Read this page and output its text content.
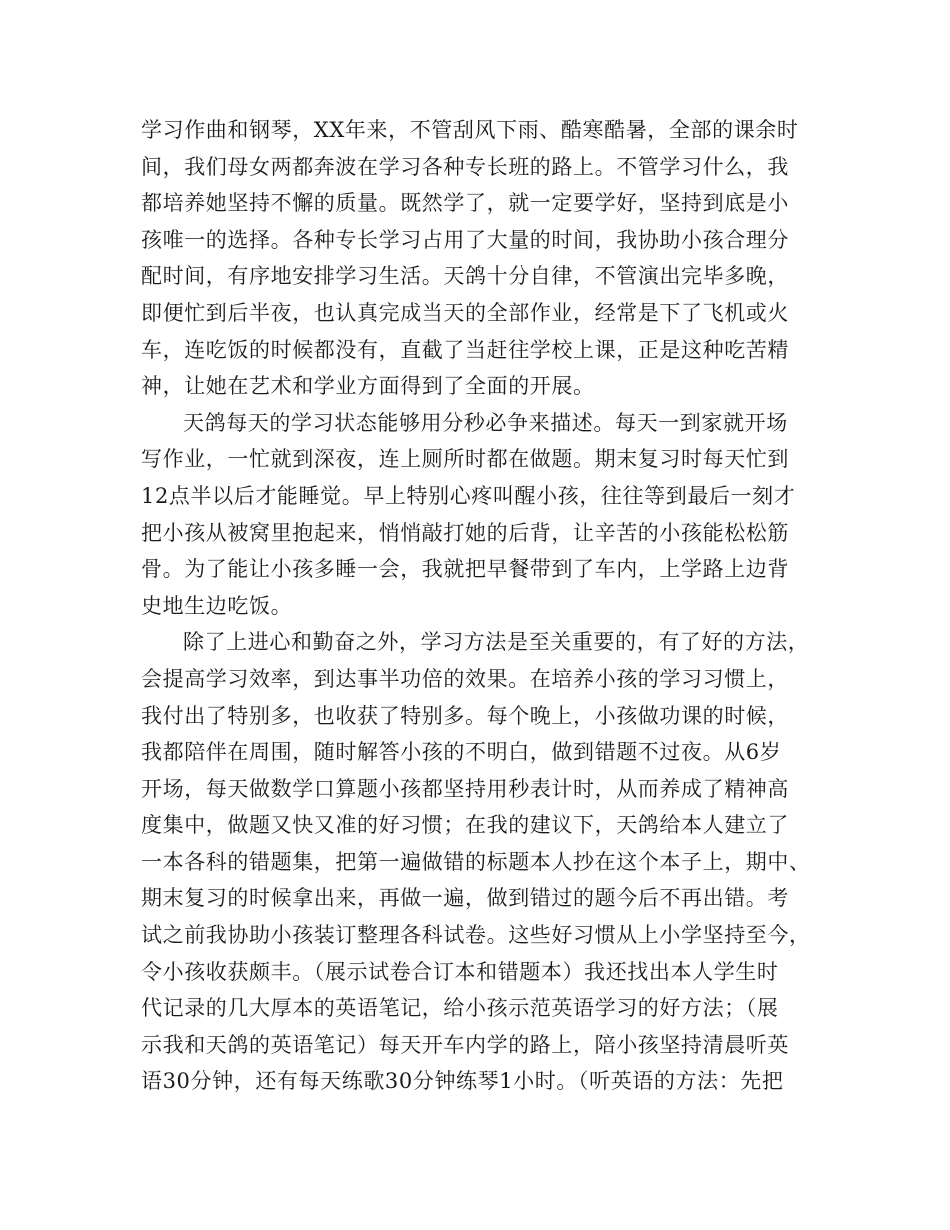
学习作曲和钢琴，XX年来，不管刮风下雨、酷寒酷暑，全部的课余时
间，我们母女两都奔波在学习各种专长班的路上。不管学习什么，我
都培养她坚持不懈的质量。既然学了，就一定要学好，坚持到底是小
孩唯一的选择。各种专长学习占用了大量的时间，我协助小孩合理分
配时间，有序地安排学习生活。天鸽十分自律，不管演出完毕多晚，
即便忙到后半夜，也认真完成当天的全部作业，经常是下了飞机或火
车，连吃饭的时候都没有，直截了当赶往学校上课，正是这种吃苦精
神，让她在艺术和学业方面得到了全面的开展。
天鸽每天的学习状态能够用分秒必争来描述。每天一到家就开场
写作业，一忙就到深夜，连上厕所时都在做题。期末复习时每天忙到
12点半以后才能睡觉。早上特别心疼叫醒小孩，往往等到最后一刻才
把小孩从被窝里抱起来，悄悄敲打她的后背，让辛苦的小孩能松松筋
骨。为了能让小孩多睡一会，我就把早餐带到了车内，上学路上边背
史地生边吃饭。
除了上进心和勤奋之外，学习方法是至关重要的，有了好的方法，
会提高学习效率，到达事半功倍的效果。在培养小孩的学习习惯上，
我付出了特别多，也收获了特别多。每个晚上，小孩做功课的时候，
我都陪伴在周围，随时解答小孩的不明白，做到错题不过夜。从6岁
开场，每天做数学口算题小孩都坚持用秒表计时，从而养成了精神高
度集中，做题又快又准的好习惯；在我的建议下，天鸽给本人建立了
一本各科的错题集，把第一遍做错的标题本人抄在这个本子上，期中、
期末复习的时候拿出来，再做一遍，做到错过的题今后不再出错。考
试之前我协助小孩装订整理各科试卷。这些好习惯从上小学坚持至今，
令小孩收获颇丰。（展示试卷合订本和错题本）我还找出本人学生时
代记录的几大厚本的英语笔记，给小孩示范英语学习的好方法；（展
示我和天鸽的英语笔记）每天开车内学的路上，陪小孩坚持清晨听英
语30分钟，还有每天练歌30分钟练琴1小时。（听英语的方法：先把
